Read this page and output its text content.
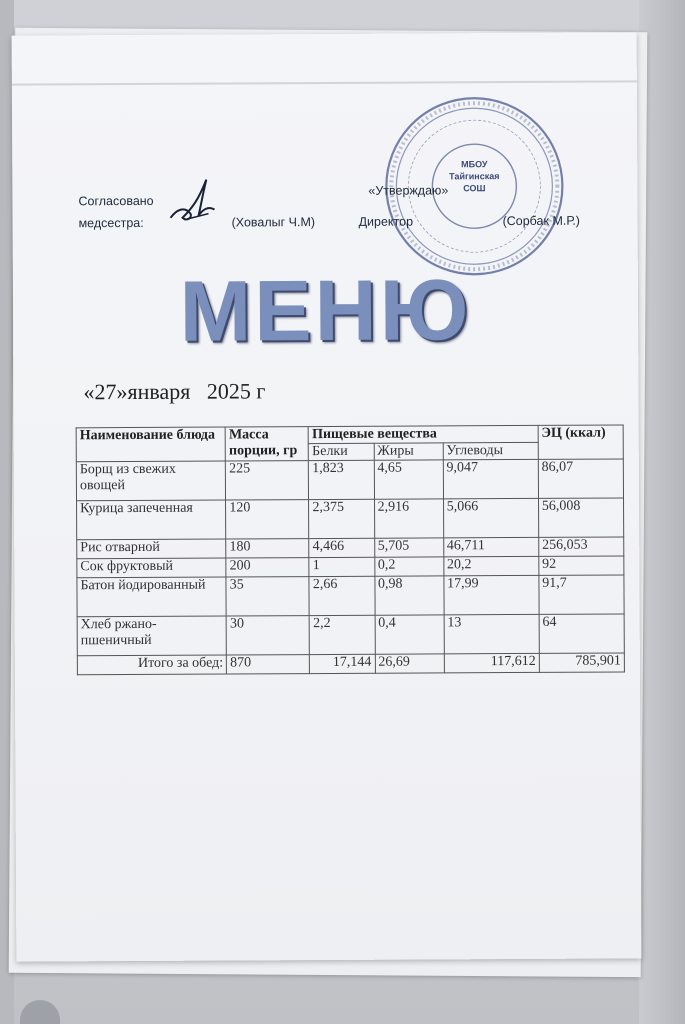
МБОУ
Тайгинская
СОШ
Согласовано
медсестра:	(Ховалыг Ч.М)
«Утверждаю»
Директор	(Сорбак М.Р.)
МЕНЮ
«27»января   2025 г
Наименование блюда	Масса порции, гр	Пищевые вещества			ЭЦ (ккал)
		Белки	Жиры	Углеводы	
Борщ из свежих овощей	225	1,823	4,65	9,047	86,07
Курица запеченная	120	2,375	2,916	5,066	56,008
Рис отварной	180	4,466	5,705	46,711	256,053
Сок фруктовый	200	1	0,2	20,2	92
Батон йодированный	35	2,66	0,98	17,99	91,7
Хлеб ржано-пшеничный	30	2,2	0,4	13	64
Итого за обед:	870	17,144	26,69	117,612	785,901
